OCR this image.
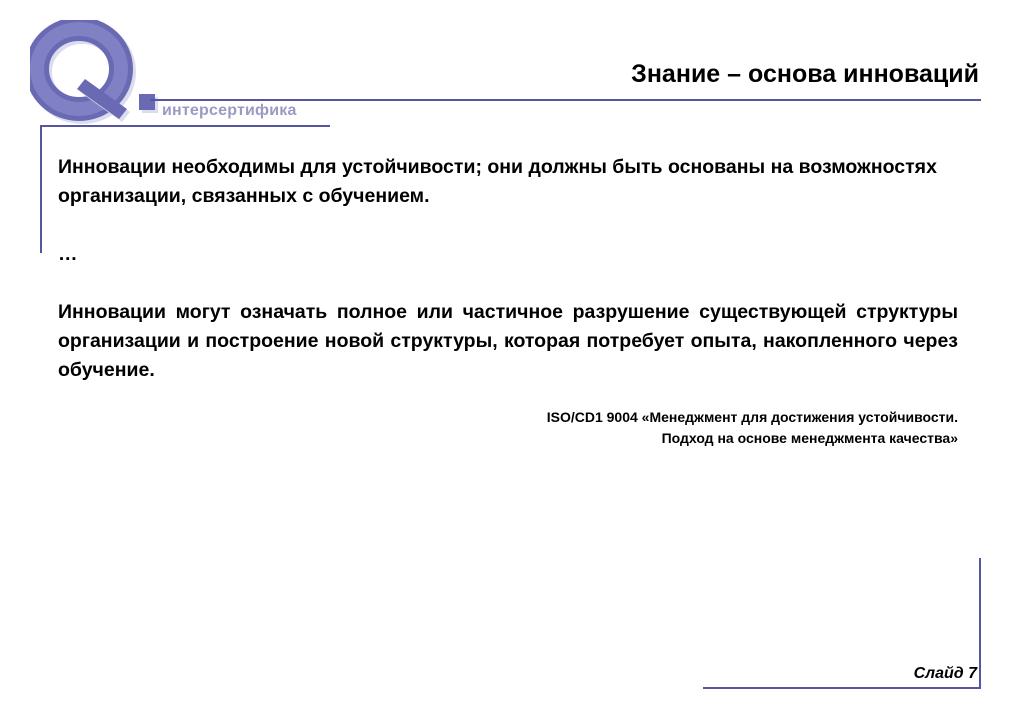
интерсертифика
Знание – основа инноваций

Инновации необходимы для устойчивости; они должны быть основаны на возможностях организации, связанных с обучением.

…

Инновации могут означать полное или частичное разрушение существующей структуры организации и построение новой структуры, которая потребует опыта, накопленного через обучение.

ISO/CD1 9004 «Менеджмент для достижения устойчивости.
Подход на основе менеджмента качества»

Слайд 7
